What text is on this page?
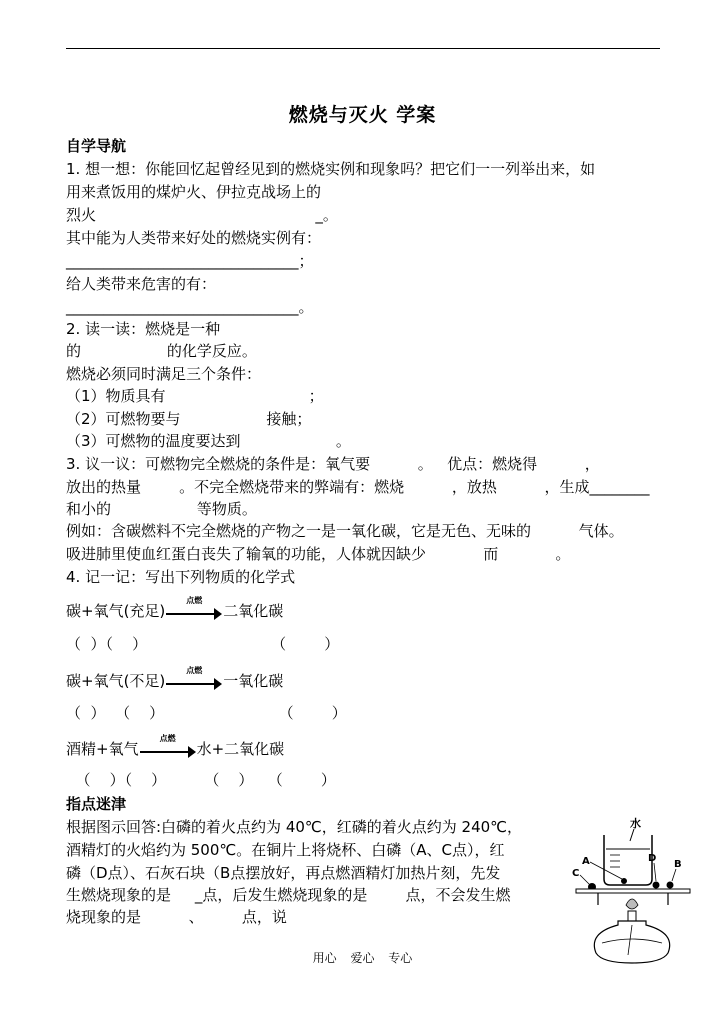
燃烧与灭火 学案
自学导航
1. 想一想：你能回忆起曾经见到的燃烧实例和现象吗？把它们一一列举出来，如
用来煮饭用的煤炉火、伊拉克战场上的
烈火                                              _。
其中能为人类带来好处的燃烧实例有：
_______________________________；
给人类带来危害的有：
_______________________________。
2. 读一读：燃烧是一种
的                  的化学反应。
燃烧必须同时满足三个条件：
（1）物质具有                              ；
（2）可燃物要与                  接触；
（3）可燃物的温度要达到                    。
3. 议一议：可燃物完全燃烧的条件是：氧气要          。   优点：燃烧得          ，
放出的热量        。不完全燃烧带来的弊端有：燃烧          ，放热          ，生成________
和小的                  等物质。
例如：含碳燃料不完全燃烧的产物之一是一氧化碳，它是无色、无味的          气体。
吸进肺里使血红蛋白丧失了输氧的功能，人体就因缺少            而            。
4. 记一记：写出下列物质的化学式
碳+氧气(充足)
点燃
二氧化碳
（  ）（    ）                          （        ）
碳+氧气(不足)
点燃
一氧化碳
（  ）  （    ）                        （        ）
酒精+氧气
点燃
水+二氧化碳
（    ）（    ）        （    ）   （        ）
指点迷津
根据图示回答:白磷的着火点约为 40℃，红磷的着火点约为 240℃，
酒精灯的火焰约为 500℃。在铜片上将烧杯、白磷（A、C点），红
磷（D点）、石灰石块（B点摆放好，再点燃酒精灯加热片刻，先发
生燃烧现象的是     _点，后发生燃烧现象的是        点，不会发生燃
烧现象的是          、        点，说
水
A
C
D
B
用心 爱心 专心
